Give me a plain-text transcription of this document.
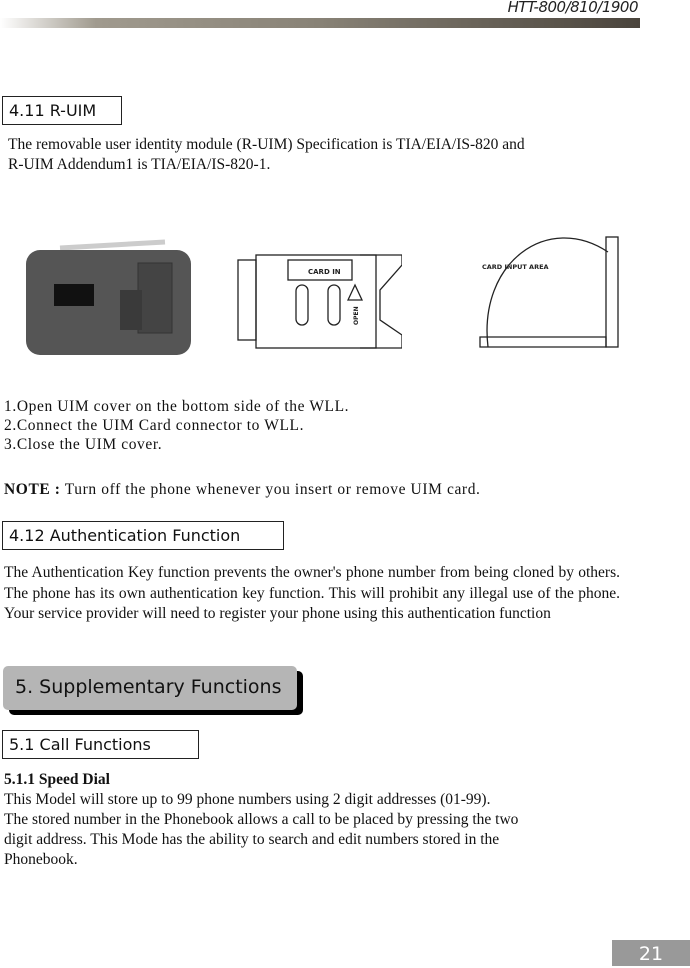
HTT-800/810/1900
4.11 R-UIM
The removable user identity module (R-UIM) Specification is TIA/EIA/IS-820 and
R-UIM Addendum1 is TIA/EIA/IS-820-1.
CARD IN
OPEN
CARD INPUT AREA
1.Open UIM cover on the bottom side of the WLL.
2.Connect the UIM Card connector to WLL.
3.Close the UIM cover.
NOTE : Turn off the phone whenever you insert or remove UIM card.
4.12 Authentication Function
The Authentication Key function prevents the owner's phone number from being cloned by others. The phone has its own authentication key function. This will prohibit any illegal use of the phone. Your service provider will need to register your phone using this authentication function
5. Supplementary Functions
5.1 Call Functions
5.1.1 Speed Dial
This Model will store up to 99 phone numbers using 2 digit addresses (01-99).
The stored number in the Phonebook allows a call to be placed by pressing the two
digit address. This Mode has the ability to search and edit numbers stored in the
Phonebook.
21
